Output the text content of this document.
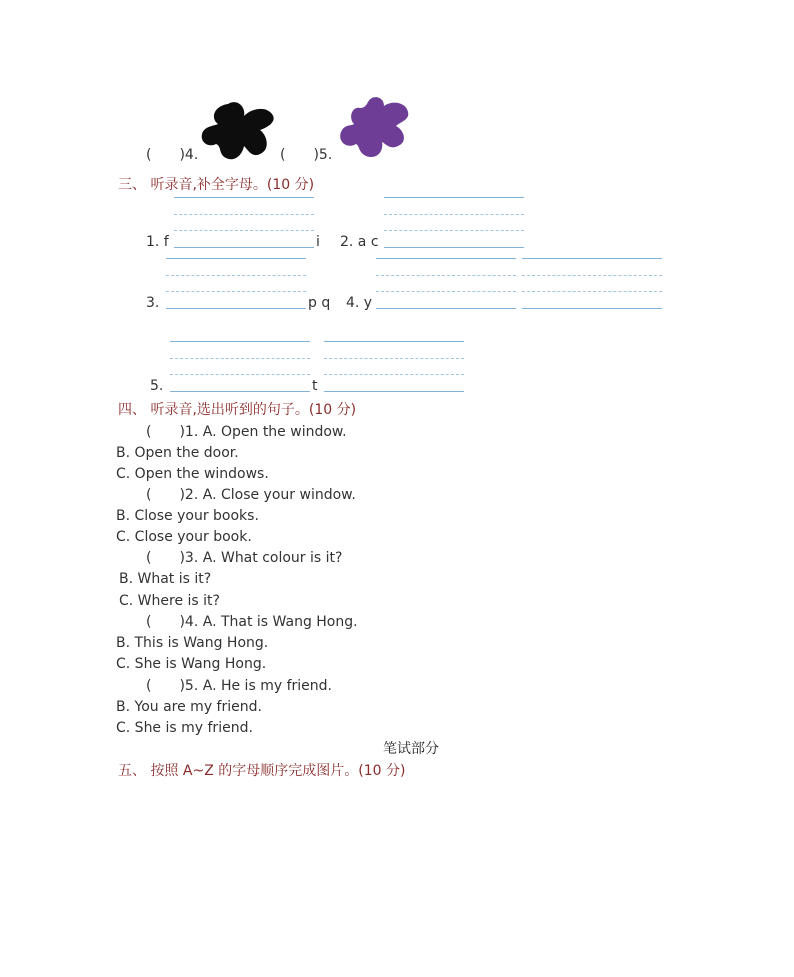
( )4.	( )5.
三、 听录音,补全字母。(10 分)
1. f	i 2. a c
3.	p q 4. y
5.	t
四、 听录音,选出听到的句子。(10 分)
( )1. A. Open the window.
B. Open the door.
C. Open the windows.
( )2. A. Close your window.
B. Close your books.
C. Close your book.
( )3. A. What colour is it?
B. What is it?
C. Where is it?
( )4. A. That is Wang Hong.
B. This is Wang Hong.
C. She is Wang Hong.
( )5. A. He is my friend.
B. You are my friend.
C. She is my friend.
笔试部分
五、 按照 A~Z 的字母顺序完成图片。(10 分)
